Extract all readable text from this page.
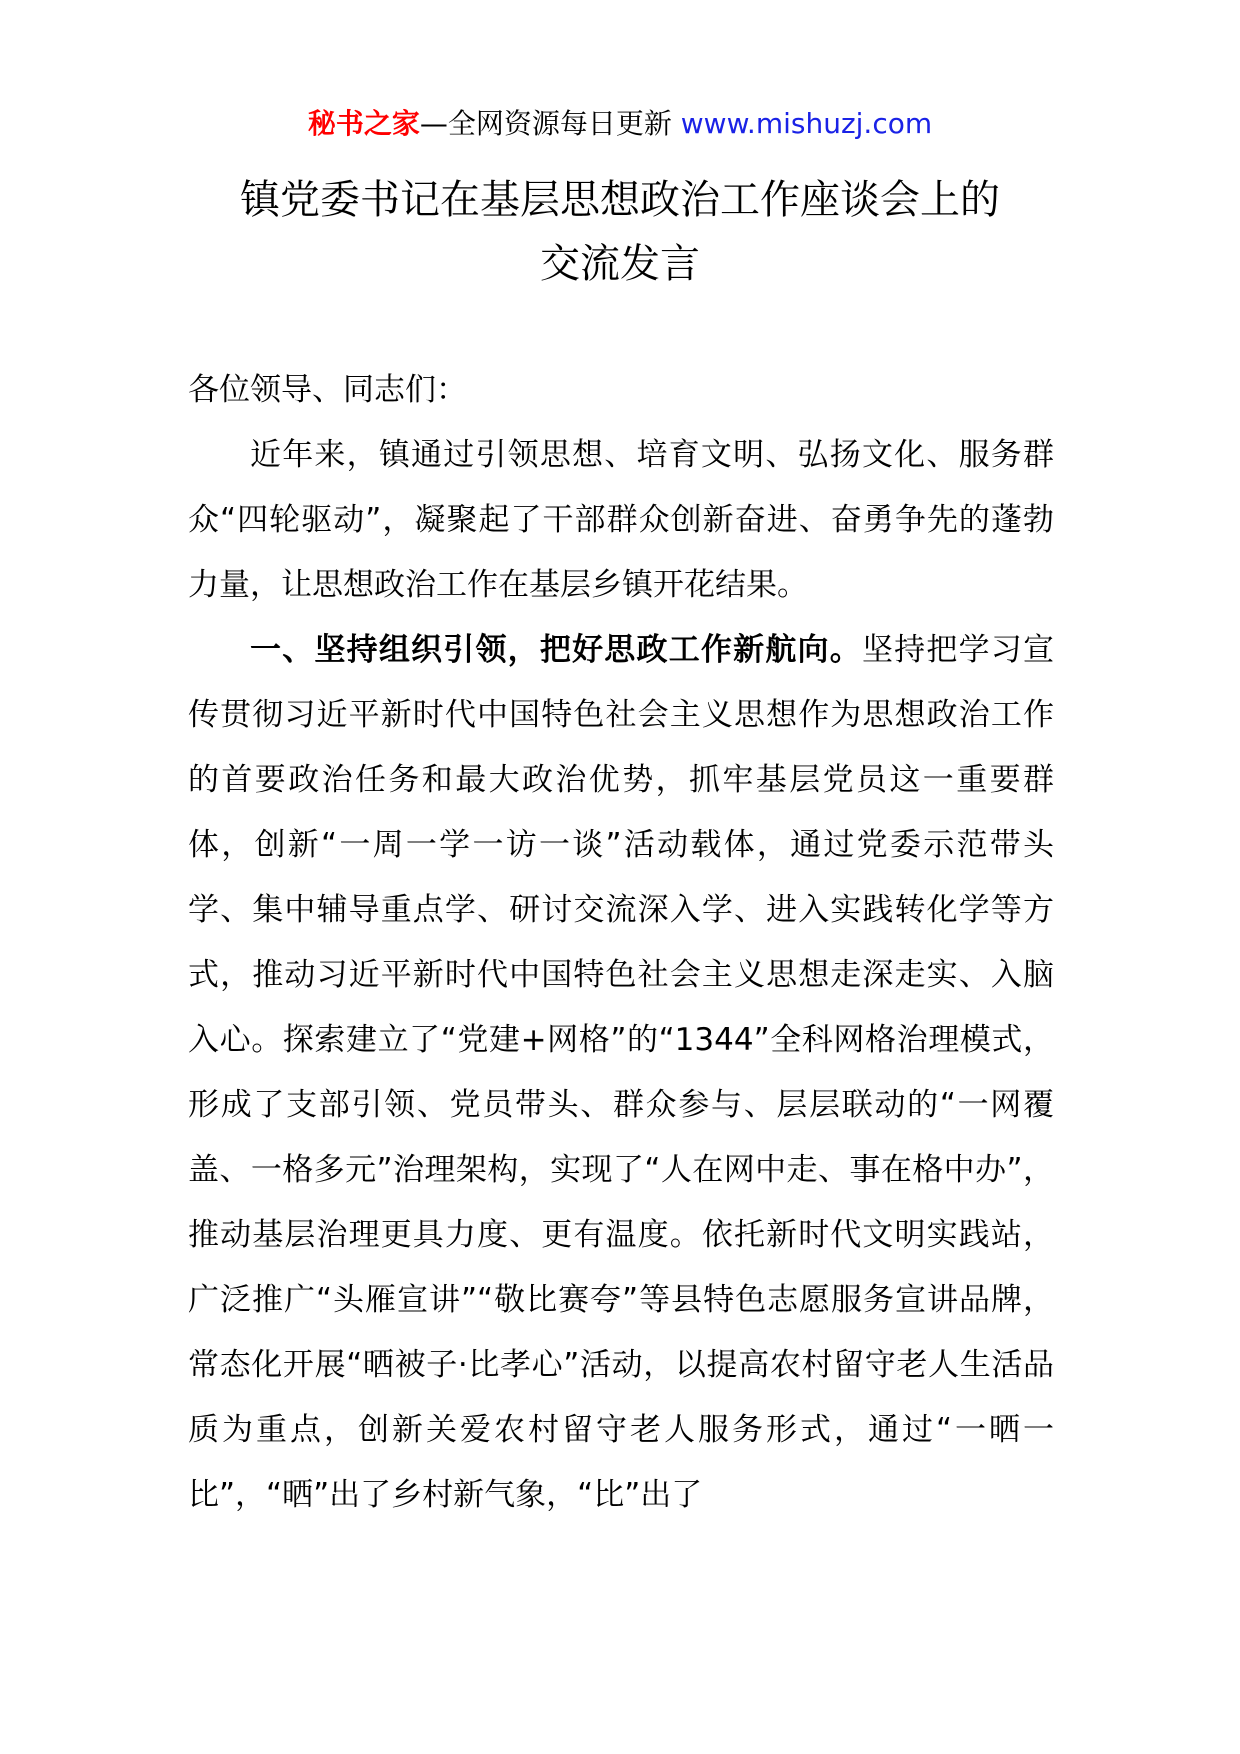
秘书之家—全网资源每日更新 www.mishuzj.com
镇党委书记在基层思想政治工作座谈会上的
交流发言

各位领导、同志们：

近年来，镇通过引领思想、培育文明、弘扬文化、服务群众“四轮驱动”，凝聚起了干部群众创新奋进、奋勇争先的蓬勃力量，让思想政治工作在基层乡镇开花结果。

一、坚持组织引领，把好思政工作新航向。坚持把学习宣传贯彻习近平新时代中国特色社会主义思想作为思想政治工作的首要政治任务和最大政治优势，抓牢基层党员这一重要群体，创新“一周一学一访一谈”活动载体，通过党委示范带头学、集中辅导重点学、研讨交流深入学、进入实践转化学等方式，推动习近平新时代中国特色社会主义思想走深走实、入脑入心。探索建立了“党建+网格”的“1344”全科网格治理模式，形成了支部引领、党员带头、群众参与、层层联动的“一网覆盖、一格多元”治理架构，实现了“人在网中走、事在格中办”，推动基层治理更具力度、更有温度。依托新时代文明实践站，广泛推广“头雁宣讲”“敬比赛夸”等县特色志愿服务宣讲品牌，常态化开展“晒被子·比孝心”活动，以提高农村留守老人生活品质为重点，创新关爱农村留守老人服务形式，通过“一晒一比”，“晒”出了乡村新气象，“比”出了
